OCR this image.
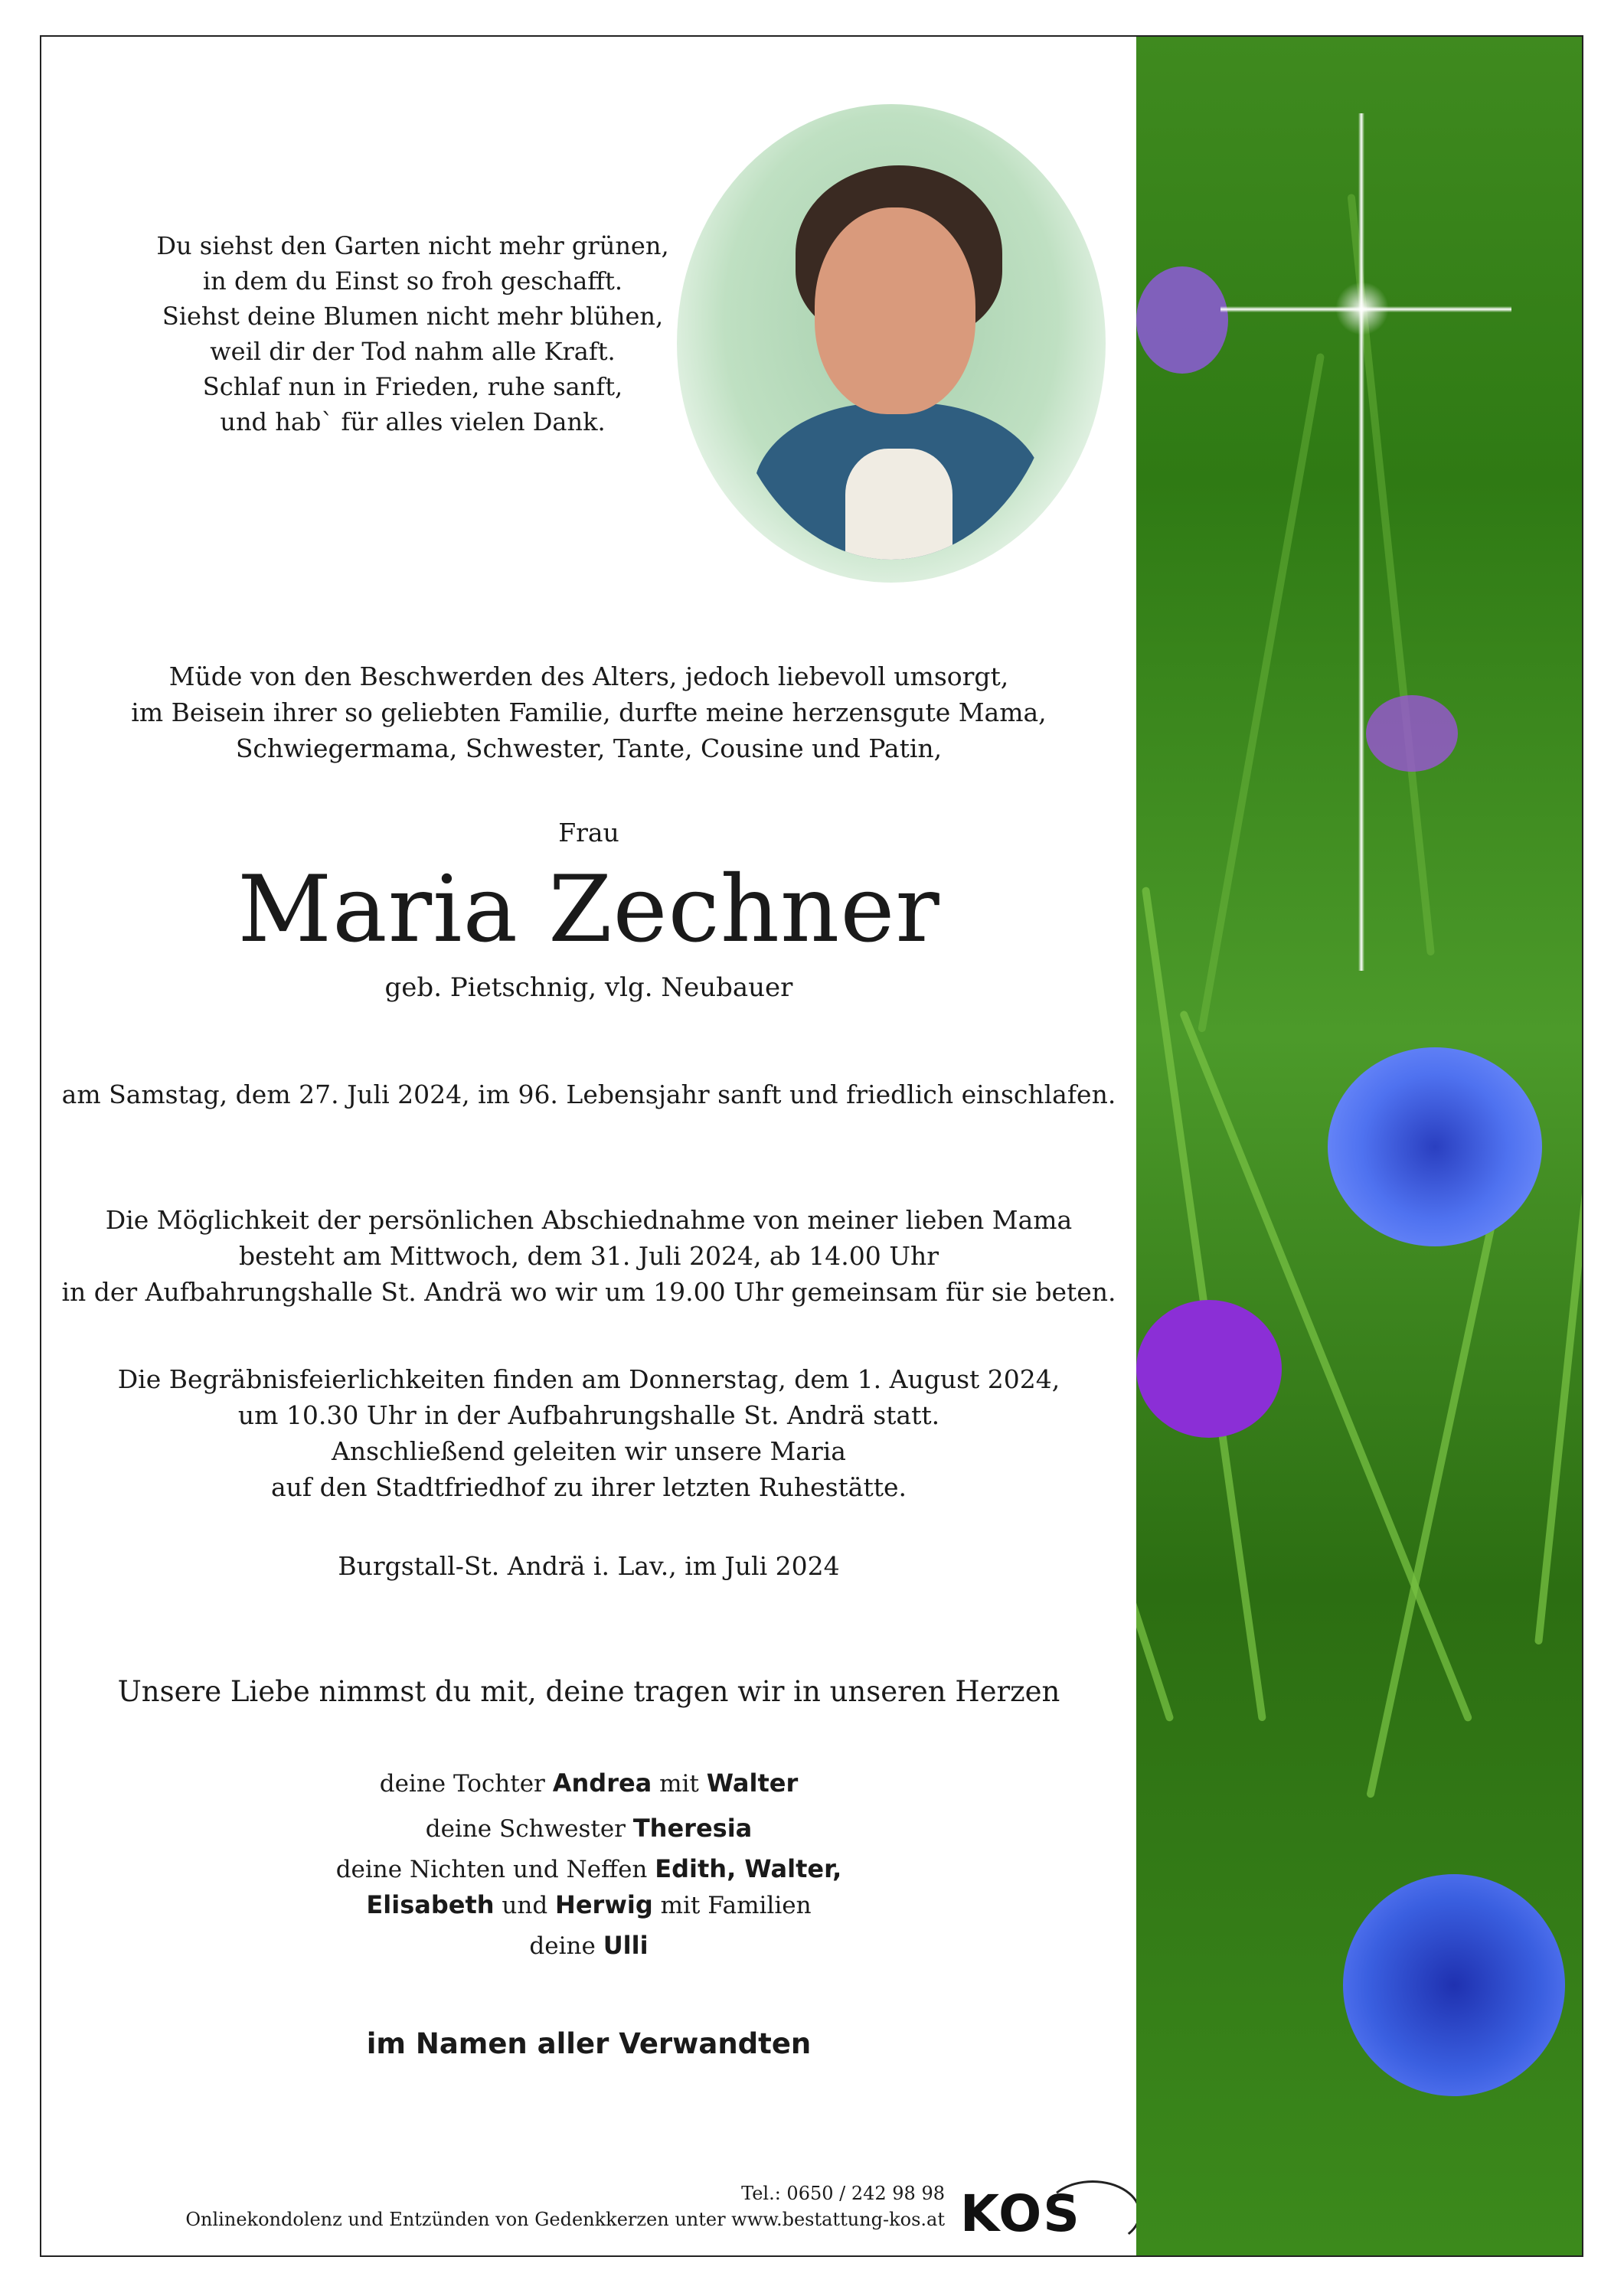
Du siehst den Garten nicht mehr grünen,
in dem du Einst so froh geschafft.
Siehst deine Blumen nicht mehr blühen,
weil dir der Tod nahm alle Kraft.
Schlaf nun in Frieden, ruhe sanft,
und hab` für alles vielen Dank.
Müde von den Beschwerden des Alters, jedoch liebevoll umsorgt,
im Beisein ihrer so geliebten Familie, durfte meine herzensgute Mama,
Schwiegermama, Schwester, Tante, Cousine und Patin,
Frau
Maria Zechner
geb. Pietschnig, vlg. Neubauer
am Samstag, dem 27. Juli 2024, im 96. Lebensjahr sanft und friedlich einschlafen.
Die Möglichkeit der persönlichen Abschiednahme von meiner lieben Mama
besteht am Mittwoch, dem 31. Juli 2024, ab 14.00 Uhr
in der Aufbahrungshalle St. Andrä wo wir um 19.00 Uhr gemeinsam für sie beten.
Die Begräbnisfeierlichkeiten finden am Donnerstag, dem 1. August 2024,
um 10.30 Uhr in der Aufbahrungshalle St. Andrä statt.
Anschließend geleiten wir unsere Maria
auf den Stadtfriedhof zu ihrer letzten Ruhestätte.
Burgstall-St. Andrä i. Lav., im Juli 2024
Unsere Liebe nimmst du mit, deine tragen wir in unseren Herzen
deine Tochter Andrea mit Walter
deine Schwester Theresia
deine Nichten und Neffen Edith, Walter,
Elisabeth und Herwig mit Familien
deine Ulli
im Namen aller Verwandten
Tel.: 0650 / 242 98 98
Onlinekondolenz und Entzünden von Gedenkkerzen unter www.bestattung-kos.at KOS
